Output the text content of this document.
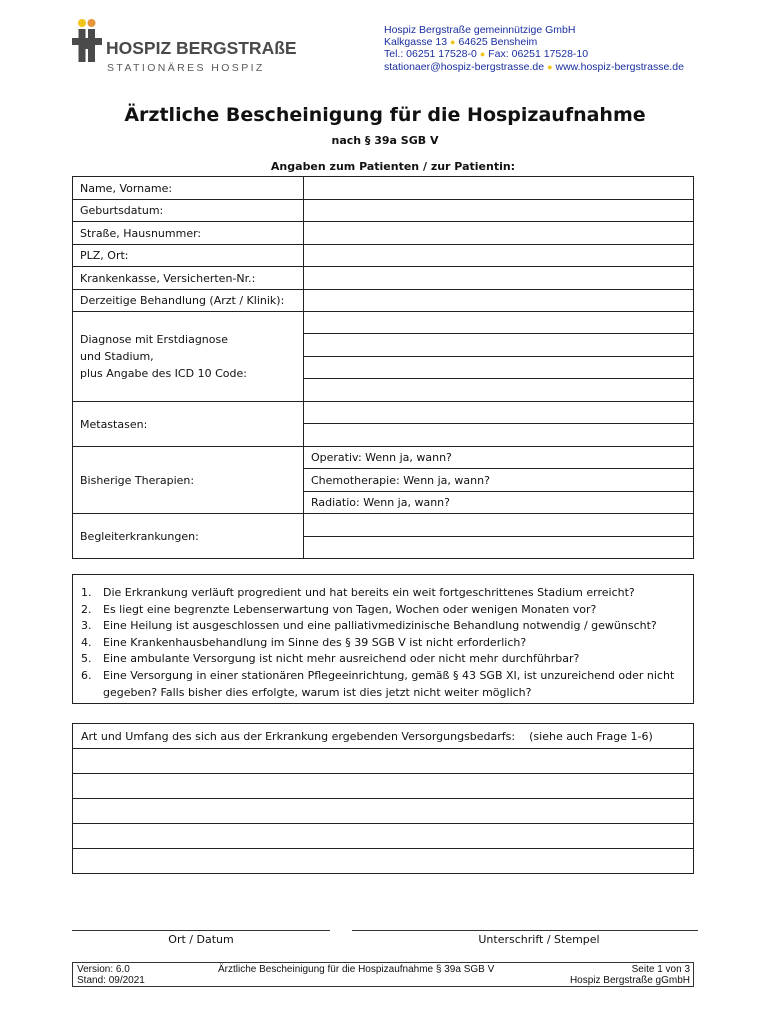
HOSPIZ BERGSTRAßE
STATIONÄRES HOSPIZ
Hospiz Bergstraße gemeinnützige GmbH
Kalkgasse 13 ● 64625 Bensheim
Tel.: 06251 17528-0 ● Fax: 06251 17528-10
stationaer@hospiz-bergstrasse.de ● www.hospiz-bergstrasse.de
Ärztliche Bescheinigung für die Hospizaufnahme
nach § 39a SGB V
Angaben zum Patienten / zur Patientin:
Name, Vorname:	
Geburtsdatum:	
Straße, Hausnummer:	
PLZ, Ort:	
Krankenkasse, Versicherten-Nr.:	
Derzeitige Behandlung (Arzt / Klinik):	

Diagnose mit Erstdiagnose
und Stadium,
plus Angabe des ICD 10 Code:	

Metastasen:	

Bisherige Therapien:	Operativ: Wenn ja, wann?
	Chemotherapie: Wenn ja, wann?
	Radiatio: Wenn ja, wann?
Begleiterkrankungen:	

1.	Die Erkrankung verläuft progredient und hat bereits ein weit fortgeschrittenes Stadium erreicht?
2.	Es liegt eine begrenzte Lebenserwartung von Tagen, Wochen oder wenigen Monaten vor?
3.	Eine Heilung ist ausgeschlossen und eine palliativmedizinische Behandlung notwendig / gewünscht?
4.	Eine Krankenhausbehandlung im Sinne des § 39 SGB V ist nicht erforderlich?
5.	Eine ambulante Versorgung ist nicht mehr ausreichend oder nicht mehr durchführbar?
6.	Eine Versorgung in einer stationären Pflegeeinrichtung, gemäß § 43 SGB XI, ist unzureichend oder nicht gegeben? Falls bisher dies erfolgte, warum ist dies jetzt nicht weiter möglich?
Art und Umfang des sich aus der Erkrankung ergebenden Versorgungsbedarfs: (siehe auch Frage 1-6)

Ort / Datum	Unterschrift / Stempel
Version: 6.0
Stand: 09/2021
Ärztliche Bescheinigung für die Hospizaufnahme § 39a SGB V	Seite 1 von 3
Hospiz Bergstraße gGmbH
